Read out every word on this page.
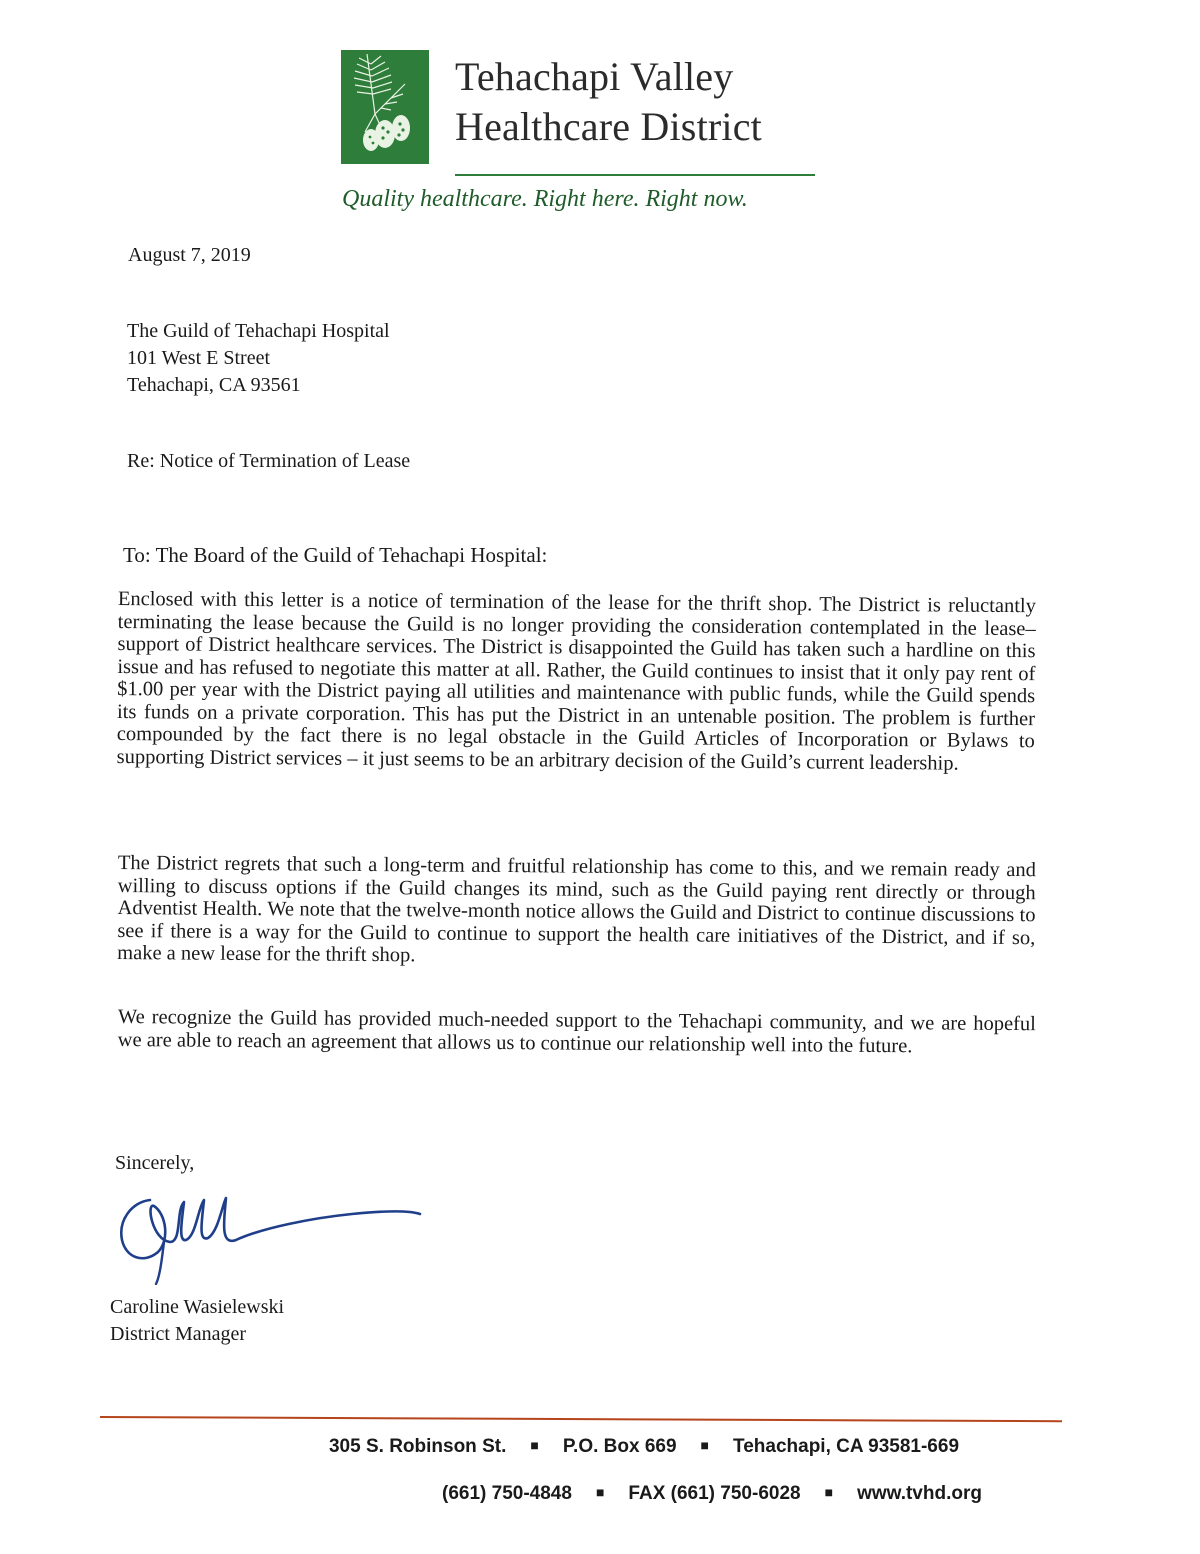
Tehachapi Valley
Healthcare District
Quality healthcare. Right here. Right now.
August 7, 2019
The Guild of Tehachapi Hospital
101 West E Street
Tehachapi, CA 93561
Re: Notice of Termination of Lease
To: The Board of the Guild of Tehachapi Hospital:
Enclosed with this letter is a notice of termination of the lease for the thrift shop. The District is reluctantly terminating the lease because the Guild is no longer providing the consideration contemplated in the lease– support of District healthcare services. The District is disappointed the Guild has taken such a hardline on this issue and has refused to negotiate this matter at all. Rather, the Guild continues to insist that it only pay rent of $1.00 per year with the District paying all utilities and maintenance with public funds, while the Guild spends its funds on a private corporation. This has put the District in an untenable position. The problem is further compounded by the fact there is no legal obstacle in the Guild Articles of Incorporation or Bylaws to supporting District services – it just seems to be an arbitrary decision of the Guild’s current leadership.
The District regrets that such a long-term and fruitful relationship has come to this, and we remain ready and willing to discuss options if the Guild changes its mind, such as the Guild paying rent directly or through Adventist Health. We note that the twelve-month notice allows the Guild and District to continue discussions to see if there is a way for the Guild to continue to support the health care initiatives of the District, and if so, make a new lease for the thrift shop.
We recognize the Guild has provided much-needed support to the Tehachapi community, and we are hopeful we are able to reach an agreement that allows us to continue our relationship well into the future.
Sincerely,
Caroline Wasielewski
District Manager
305 S. Robinson St. ■ P.O. Box 669 ■ Tehachapi, CA 93581-669
(661) 750-4848 ■ FAX (661) 750-6028 ■ www.tvhd.org
